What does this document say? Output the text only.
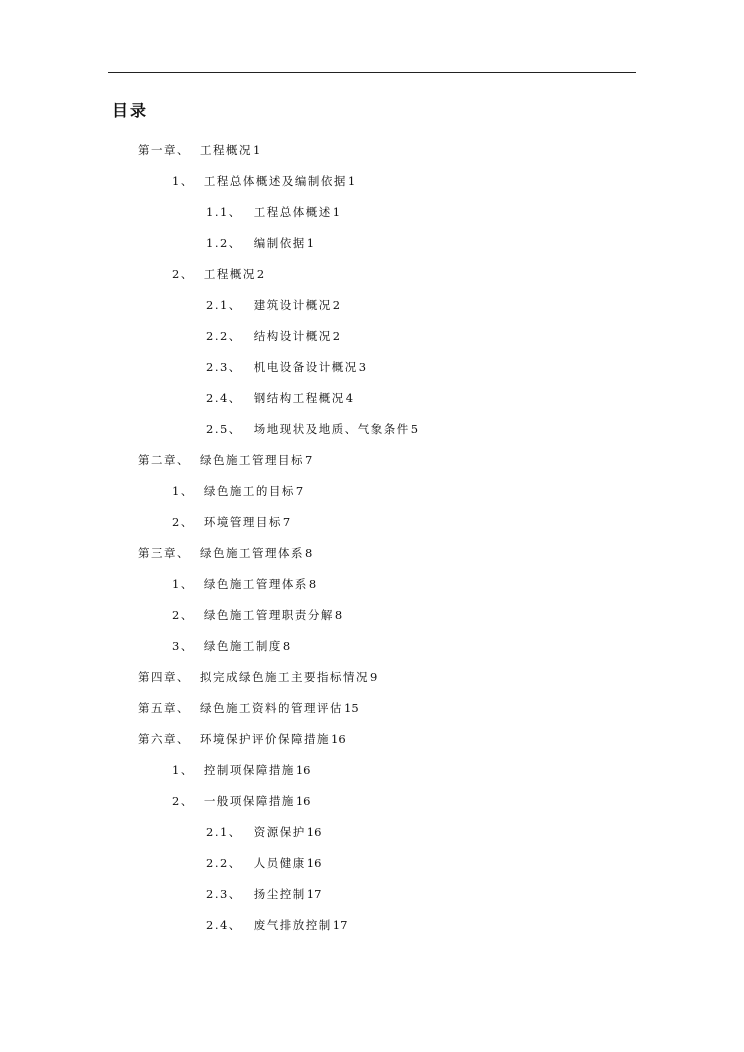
目录
第一章、 工程概况1
1、 工程总体概述及编制依据1
1.1、 工程总体概述1
1.2、 编制依据1
2、 工程概况2
2.1、 建筑设计概况2
2.2、 结构设计概况2
2.3、 机电设备设计概况3
2.4、 钢结构工程概况4
2.5、 场地现状及地质、气象条件5
第二章、 绿色施工管理目标7
1、 绿色施工的目标7
2、 环境管理目标7
第三章、 绿色施工管理体系8
1、 绿色施工管理体系8
2、 绿色施工管理职责分解8
3、 绿色施工制度8
第四章、 拟完成绿色施工主要指标情况9
第五章、 绿色施工资料的管理评估15
第六章、 环境保护评价保障措施16
1、 控制项保障措施16
2、 一般项保障措施16
2.1、 资源保护16
2.2、 人员健康16
2.3、 扬尘控制17
2.4、 废气排放控制17
